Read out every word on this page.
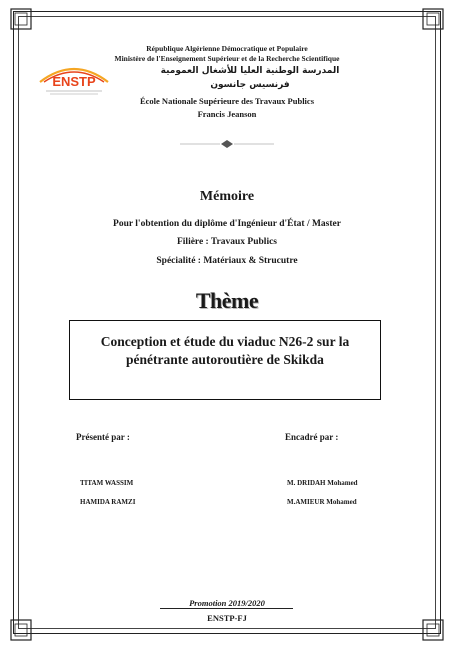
République Algérienne Démocratique et Populaire
Ministère de l'Enseignement Supérieur et de la Recherche Scientifique
المدرسة الوطنية العليا للأشغال العمومية
فرنسيس جانسون
École Nationale Supérieure des Travaux Publics
Francis Jeanson
ENSTP
Mémoire
Pour l'obtention du diplôme d'Ingénieur d'État / Master
Filière : Travaux Publics
Spécialité : Matériaux & Strucutre
Thème
Conception et étude du viaduc N26-2 sur la
pénétrante autoroutière de Skikda
Présenté par :	Encadré par :
TITAM WASSIM
HAMIDA RAMZI
M. DRIDAH Mohamed
M.AMIEUR Mohamed
Promotion 2019/2020
ENSTP-FJ
